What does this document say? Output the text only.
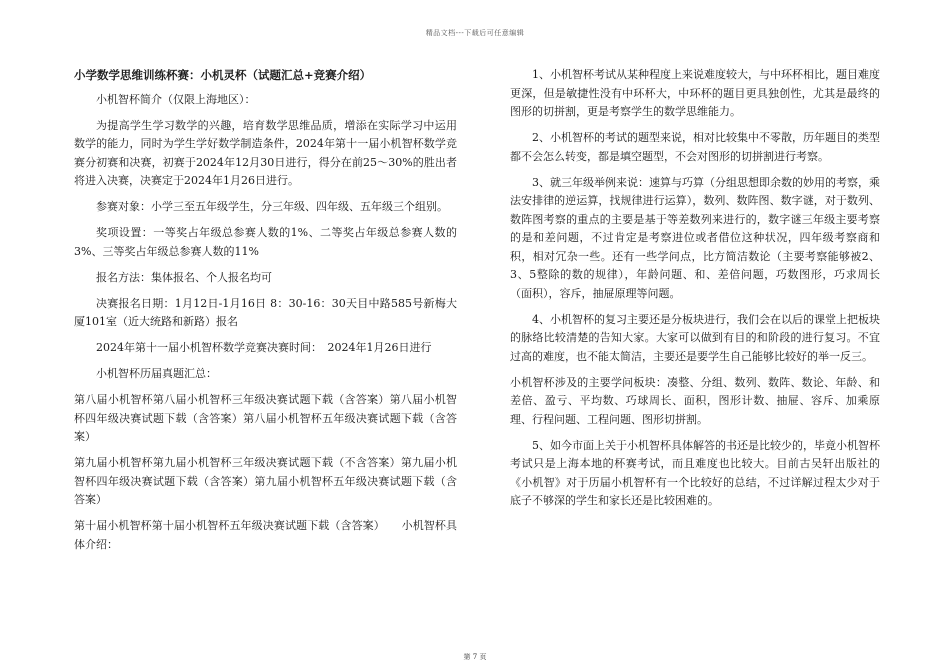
精品文档---下载后可任意编辑

小学数学思维训练杯赛：小机灵杯（试题汇总+竞赛介绍）

小机智杯简介（仅限上海地区）：

为提高学生学习数学的兴趣，培育数学思维品质，增添在实际学习中运用数学的能力，同时为学生学好数学制造条件，2024年第十一届小机智杯数学竞赛分初赛和决赛，初赛于2024年12月30日进行，得分在前25～30%的胜出者将进入决赛，决赛定于2024年1月26日进行。

参赛对象：小学三至五年级学生，分三年级、四年级、五年级三个组别。

奖项设置：一等奖占年级总参赛人数的1%、二等奖占年级总参赛人数的3%、三等奖占年级总参赛人数的11%

报名方法：集体报名、个人报名均可

决赛报名日期：1月12日-1月16日 8：30-16：30天目中路585号新梅大厦101室（近大统路和新路）报名

2024年第十一届小机智杯数学竞赛决赛时间：　2024年1月26日进行

小机智杯历届真题汇总：

第八届小机智杯第八届小机智杯三年级决赛试题下载（含答案）第八届小机智杯四年级决赛试题下载（含答案）第八届小机智杯五年级决赛试题下载（含答案）

第九届小机智杯第九届小机智杯三年级决赛试题下载（不含答案）第九届小机智杯四年级决赛试题下载（含答案）第九届小机智杯五年级决赛试题下载（含答案）

第十届小机智杯第十届小机智杯五年级决赛试题下载（含答案）　　小机智杯具体介绍：

1、小机智杯考试从某种程度上来说难度较大，与中环杯相比，题目难度更深，但是敏捷性没有中环杯大，中环杯的题目更具独创性，尤其是最终的图形的切拼割，更是考察学生的数学思维能力。

2、小机智杯的考试的题型来说，相对比较集中不零散，历年题目的类型都不会怎么转变，都是填空题型，不会对图形的切拼割进行考察。

3、就三年级举例来说：速算与巧算（分组思想即余数的妙用的考察，乘法安排律的逆运算，找规律进行运算），数列、数阵图、数字谜，对于数列、数阵图考察的重点的主要是基于等差数列来进行的，数字谜三年级主要考察的是和差问题，不过肯定是考察进位或者借位这种状况，四年级考察商和积，相对冗杂一些。还有一些学问点，比方简洁数论（主要考察能够被2、3、5整除的数的规律），年龄问题、和、差倍问题，巧数图形，巧求周长（面积），容斥，抽屉原理等问题。

4、小机智杯的复习主要还是分板块进行，我们会在以后的课堂上把板块的脉络比较清楚的告知大家。大家可以做到有目的和阶段的进行复习。不宜过高的难度，也不能太简洁，主要还是要学生自己能够比较好的举一反三。

小机智杯涉及的主要学问板块：凑整、分组、数列、数阵、数论、年龄、和差倍、盈亏、平均数、巧球周长、面积，图形计数、抽屉、容斥、加乘原理、行程问题、工程问题、图形切拼割。

5、如今市面上关于小机智杯具体解答的书还是比较少的，毕竟小机智杯考试只是上海本地的杯赛考试，而且难度也比较大。目前古吴轩出版社的《小机智》对于历届小机智杯有一个比较好的总结，不过详解过程太少对于底子不够深的学生和家长还是比较困难的。

第 7 页
